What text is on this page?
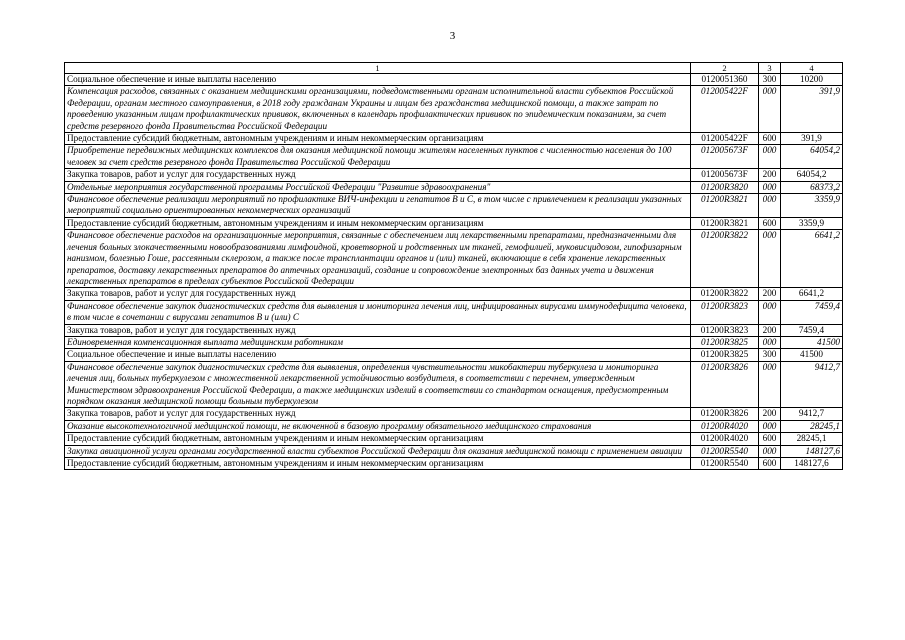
3
1	2	3	4
Социальное обеспечение и иные выплаты населению	0120051360	300	10200
Компенсация расходов, связанных с оказанием медицинскими организациями, подведомственными органам исполнительной власти субъектов Российской Федерации, органам местного самоуправления, в 2018 году гражданам Украины и лицам без гражданства медицинской помощи, а также затрат по проведению указанным лицам профилактических прививок, включенных в календарь профилактических прививок по эпидемическим показаниям, за счет средств резервного фонда Правительства Российской Федерации	012005422F	000	391,9
Предоставление субсидий бюджетным, автономным учреждениям и иным некоммерческим организациям	012005422F	600	391,9
Приобретение передвижных медицинских комплексов для оказания медицинской помощи жителям населенных пунктов с численностью населения до 100 человек за счет средств резервного фонда Правительства Российской Федерации	012005673F	000	64054,2
Закупка товаров, работ и услуг для государственных нужд	012005673F	200	64054,2
Отдельные мероприятия государственной программы Российской Федерации "Развитие здравоохранения"	01200R3820	000	68373,2
Финансовое обеспечение реализации мероприятий по профилактике ВИЧ-инфекции и гепатитов В и С, в том числе с привлечением к реализации указанных мероприятий социально ориентированных некоммерческих организаций	01200R3821	000	3359,9
Предоставление субсидий бюджетным, автономным учреждениям и иным некоммерческим организациям	01200R3821	600	3359,9
Финансовое обеспечение расходов на организационные мероприятия, связанные с обеспечением лиц лекарственными препаратами, предназначенными для лечения больных злокачественными новообразованиями лимфоидной, кроветворной и родственных им тканей, гемофилией, муковисцидозом, гипофизарным нанизмом, болезнью Гоше, рассеянным склерозом, а также после трансплантации органов и (или) тканей, включающие в себя хранение лекарственных препаратов, доставку лекарственных препаратов до аптечных организаций, создание и сопровождение электронных баз данных учета и движения лекарственных препаратов в пределах субъектов Российской Федерации	01200R3822	000	6641,2
Закупка товаров, работ и услуг для государственных нужд	01200R3822	200	6641,2
Финансовое обеспечение закупок диагностических средств для выявления и мониторинга лечения лиц, инфицированных вирусами иммунодефицита человека, в том числе в сочетании с вирусами гепатитов В и (или) С	01200R3823	000	7459,4
Закупка товаров, работ и услуг для государственных нужд	01200R3823	200	7459,4
Единовременная компенсационная выплата медицинским работникам	01200R3825	000	41500
Социальное обеспечение и иные выплаты населению	01200R3825	300	41500
Финансовое обеспечение закупок диагностических средств для выявления, определения чувствительности микобактерии туберкулеза и мониторинга лечения лиц, больных туберкулезом с множественной лекарственной устойчивостью возбудителя, в соответствии с перечнем, утвержденным Министерством здравоохранения Российской Федерации, а также медицинских изделий в соответствии со стандартом оснащения, предусмотренным порядком оказания медицинской помощи больным туберкулезом	01200R3826	000	9412,7
Закупка товаров, работ и услуг для государственных нужд	01200R3826	200	9412,7
Оказание высокотехнологичной медицинской помощи, не включенной в базовую программу обязательного медицинского страхования	01200R4020	000	28245,1
Предоставление субсидий бюджетным, автономным учреждениям и иным некоммерческим организациям	01200R4020	600	28245,1
Закупка авиационной услуги органами государственной власти субъектов Российской Федерации для оказания медицинской помощи с применением авиации	01200R5540	000	148127,6
Предоставление субсидий бюджетным, автономным учреждениям и иным некоммерческим организациям	01200R5540	600	148127,6
